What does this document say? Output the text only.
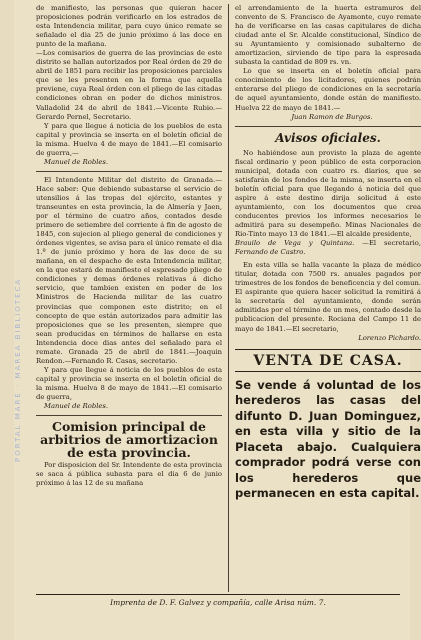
PORTAL MARE · MAREA BIBLIOTECA

de manifiesto, las personas que quieran hacer proposiciones podrán verificarlo en los estrados de esta Intendencia militar, para cuyo único remate se señalado el dia 25 de junio próximo á las doce en punto de la mañana.

—Los comisarios de guerra de las provincias de este distrito se hallan autorizados por Real órden de 29 de abril de 1851 para recibir las proposiciones parciales que se les presenten en la forma que aquella previene, cuya Real órden con el pliego de las citadas condiciones obran en poder de dichos ministros. Valladolid 24 de abril de 1841.—Vicente Rubio.—Gerardo Pernel, Secretario.

Y para que llegue á noticia de los pueblos de esta capital y provincia se inserta en el boletín oficial de la misma. Huelva 4 de mayo de 1841.—El comisario de guerra,—

Manuel de Robles.

El Intendente Militar del distrito de Granada.—Hace saber: Que debiendo subastarse el servicio de utensilios á las tropas del ejército, estantes y transeuntes en esta provincia, la de Almería y Jaen, por el término de cuatro años, contados desde primero de setiembre del corriente á fin de agosto de 1845, con sujecion al pliego general de condiciones y órdenes vigentes, se avisa para el único remate el dia 1.º de junio próximo y hora de las doce de su mañana, en el despacho de esta Intendencia militar, en la que estará de manifiesto el espresado pliego de condiciones y demas órdenes relativas á dicho servicio, que tambien existen en poder de los Ministros de Hacienda militar de las cuatro provincias que componen este distrito; en el concepto de que están autorizados para admitir las proposiciones que se les presenten, siempre que sean producidas en términos de hallarse en esta Intendencia doce dias antes del señalado para el remate. Granada 25 de abril de 1841.—Joaquin Rendon.—Fernando R. Casas, secretario.

Y para que llegue á noticia de los pueblos de esta capital y provincia se inserta en el boletín oficial de la misma. Huelva 8 de mayo de 1841.—El comisario de guerra,

Manuel de Robles.

Comision principal de arbitrios de amortizacion de esta provincia.

Por disposicion del Sr. Intendente de esta provincia se saca á pública subasta para el dia 6 de junio próximo á las 12 de su mañana

el arrendamiento de la huerta estramuros del convento de S. Francisco de Ayamonte, cuyo remate ha de verificarse en las casas capitulares de dicha ciudad ante el Sr. Alcalde constitucional, Síndico de su Ayuntamiento y comisionado subalterno de amortizacion, sirviendo de tipo para la espresada subasta la cantidad de 809 rs. vn.

Lo que se inserta en el boletín oficial para conocimiento de los licitadores, quienes podrán enterarse del pliego de condiciones en la secretaría de aquel ayuntamiento, donde están de manifiesto. Huelva 22 de mayo de 1841.—

Juan Ramon de Burgos.

Avisos oficiales.

No habiéndose aun provisto la plaza de agente fiscal ordinario y peon público de esta corporacion municipal, dotada con cuatro rs. diarios, que se satisfarán de los fondos de la misma, se inserta en el boletín oficial para que llegando á noticia del que aspire á este destino dirija solicitud á este ayuntamiento, con los documentos que crea conducentes previos los informes necesarios le admitirá para su desempeño. Minas Nacionales de Rio-Tinto mayo 13 de 1841.—El alcalde presidente,

Brauilo de Vega y Quintana. —El secretario, Fernando de Castro.

En esta villa se halla vacante la plaza de médico titular, dotada con 7500 rs. anuales pagados por trimestres de los fondos de beneficencia y del comun. El aspirante que quiera hacer solicitud la remitirá á la secretaría del ayuntamiento, donde serán admitidas por el término de un mes, contado desde la publicacion del presente. Rociana del Campo 11 de mayo de 1841.—El secretario,

Lorenzo Pichardo.

VENTA DE CASA.
Se vende á voluntad de los herederos las casas del difunto D. Juan Dominguez, en esta villa y sitio de la Placeta abajo. Cualquiera comprador podrá verse con los herederos que permanecen en esta capital.
Imprenta de D. F. Galvez y compañía, calle Arisa núm. 7.
